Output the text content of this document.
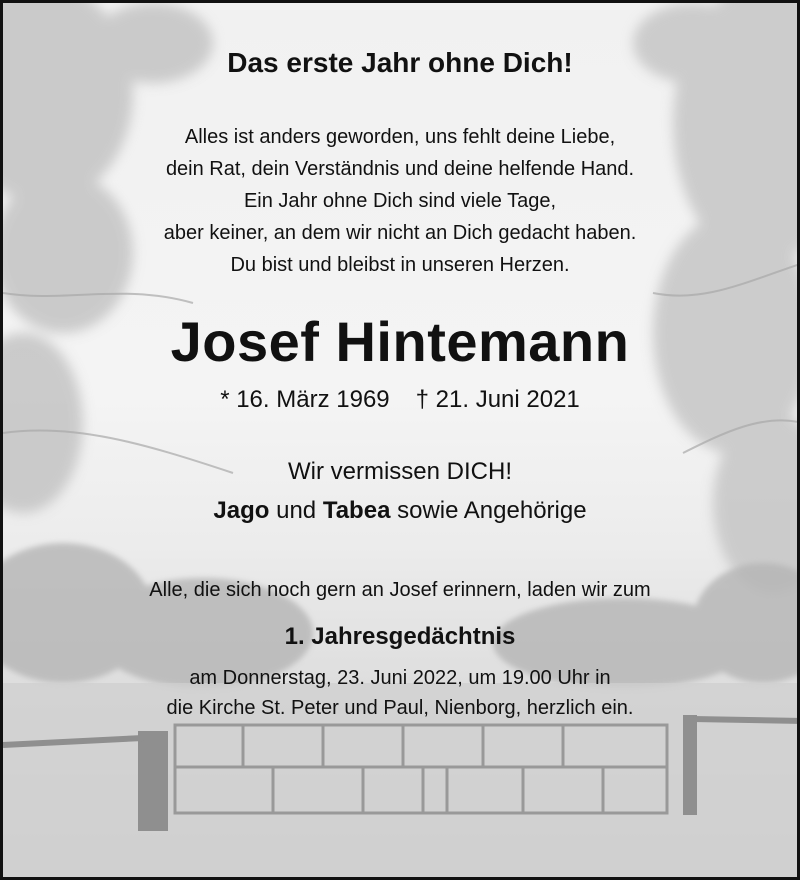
Das erste Jahr ohne Dich!
Alles ist anders geworden, uns fehlt deine Liebe,
dein Rat, dein Verständnis und deine helfende Hand.
Ein Jahr ohne Dich sind viele Tage,
aber keiner, an dem wir nicht an Dich gedacht haben.
Du bist und bleibst in unseren Herzen.
Josef Hintemann
* 16. März 1969 † 21. Juni 2021
Wir vermissen DICH!
Jago und Tabea sowie Angehörige
Alle, die sich noch gern an Josef erinnern, laden wir zum
1. Jahresgedächtnis
am Donnerstag, 23. Juni 2022, um 19.00 Uhr in
die Kirche St. Peter und Paul, Nienborg, herzlich ein.
